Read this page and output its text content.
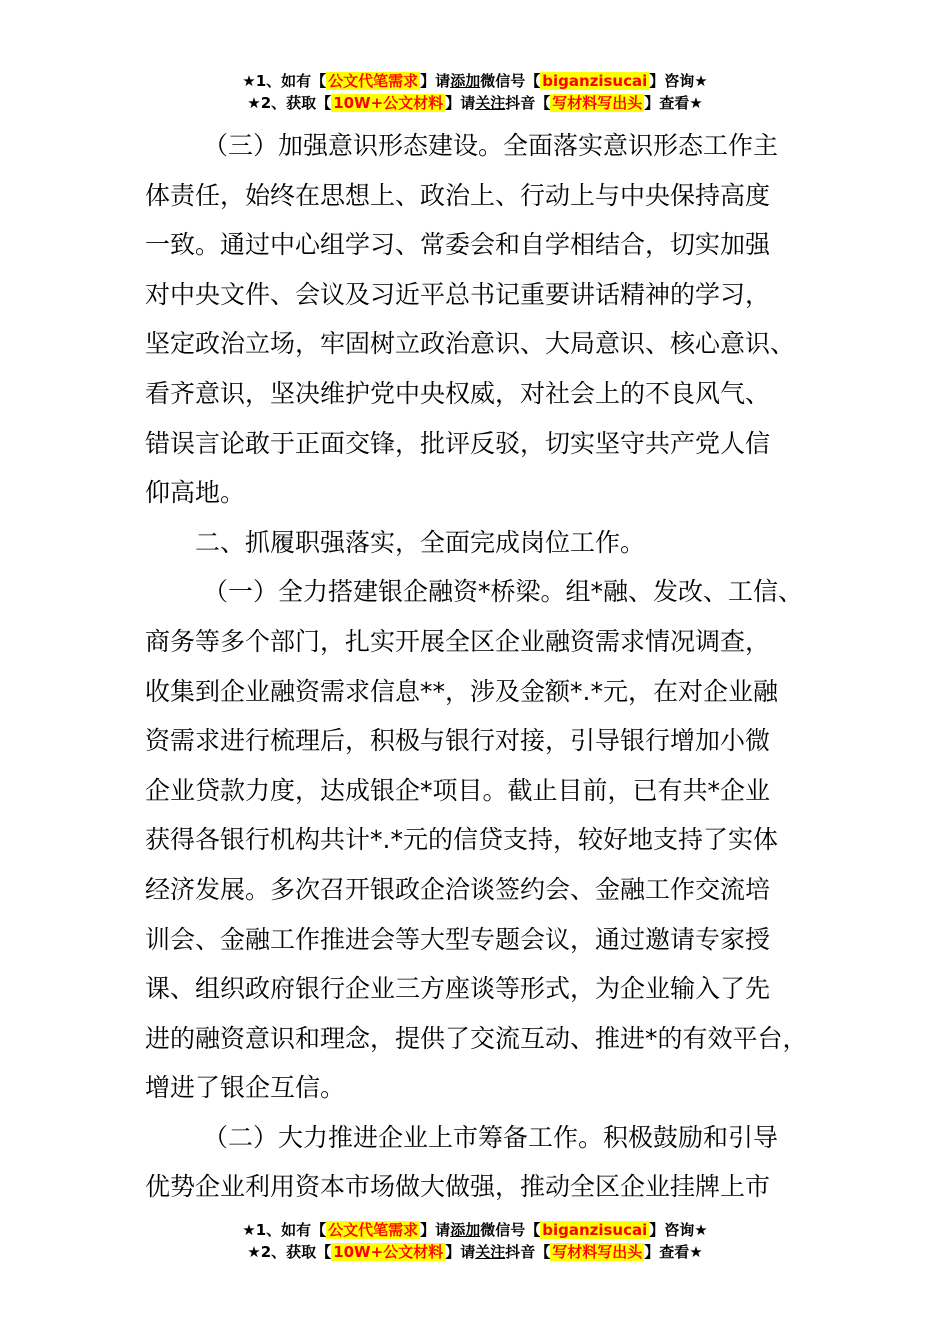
★1、如有【 公文代笔需求 】请添加微信号【 biganzisucai 】咨询★
★2、获取【 10W+公文材料 】请关注抖音【 写材料写出头 】查看★
（三）加强意识形态建设。全面落实意识形态工作主
体责任，始终在思想上、政治上、行动上与中央保持高度
一致。通过中心组学习、常委会和自学相结合，切实加强
对中央文件、会议及习近平总书记重要讲话精神的学习，
坚定政治立场，牢固树立政治意识、大局意识、核心意识、
看齐意识，坚决维护党中央权威，对社会上的不良风气、
错误言论敢于正面交锋，批评反驳，切实坚守共产党人信
仰高地。
二、抓履职强落实，全面完成岗位工作。
（一）全力搭建银企融资*桥梁。组*融、发改、工信、
商务等多个部门，扎实开展全区企业融资需求情况调查，
收集到企业融资需求信息**，涉及金额*.*元，在对企业融
资需求进行梳理后，积极与银行对接，引导银行增加小微
企业贷款力度，达成银企*项目。截止目前，已有共*企业
获得各银行机构共计*.*元的信贷支持，较好地支持了实体
经济发展。多次召开银政企洽谈签约会、金融工作交流培
训会、金融工作推进会等大型专题会议，通过邀请专家授
课、组织政府银行企业三方座谈等形式，为企业输入了先
进的融资意识和理念，提供了交流互动、推进*的有效平台，
增进了银企互信。
（二）大力推进企业上市筹备工作。积极鼓励和引导
优势企业利用资本市场做大做强，推动全区企业挂牌上市
★1、如有【 公文代笔需求 】请添加微信号【 biganzisucai 】咨询★
★2、获取【 10W+公文材料 】请关注抖音【 写材料写出头 】查看★
